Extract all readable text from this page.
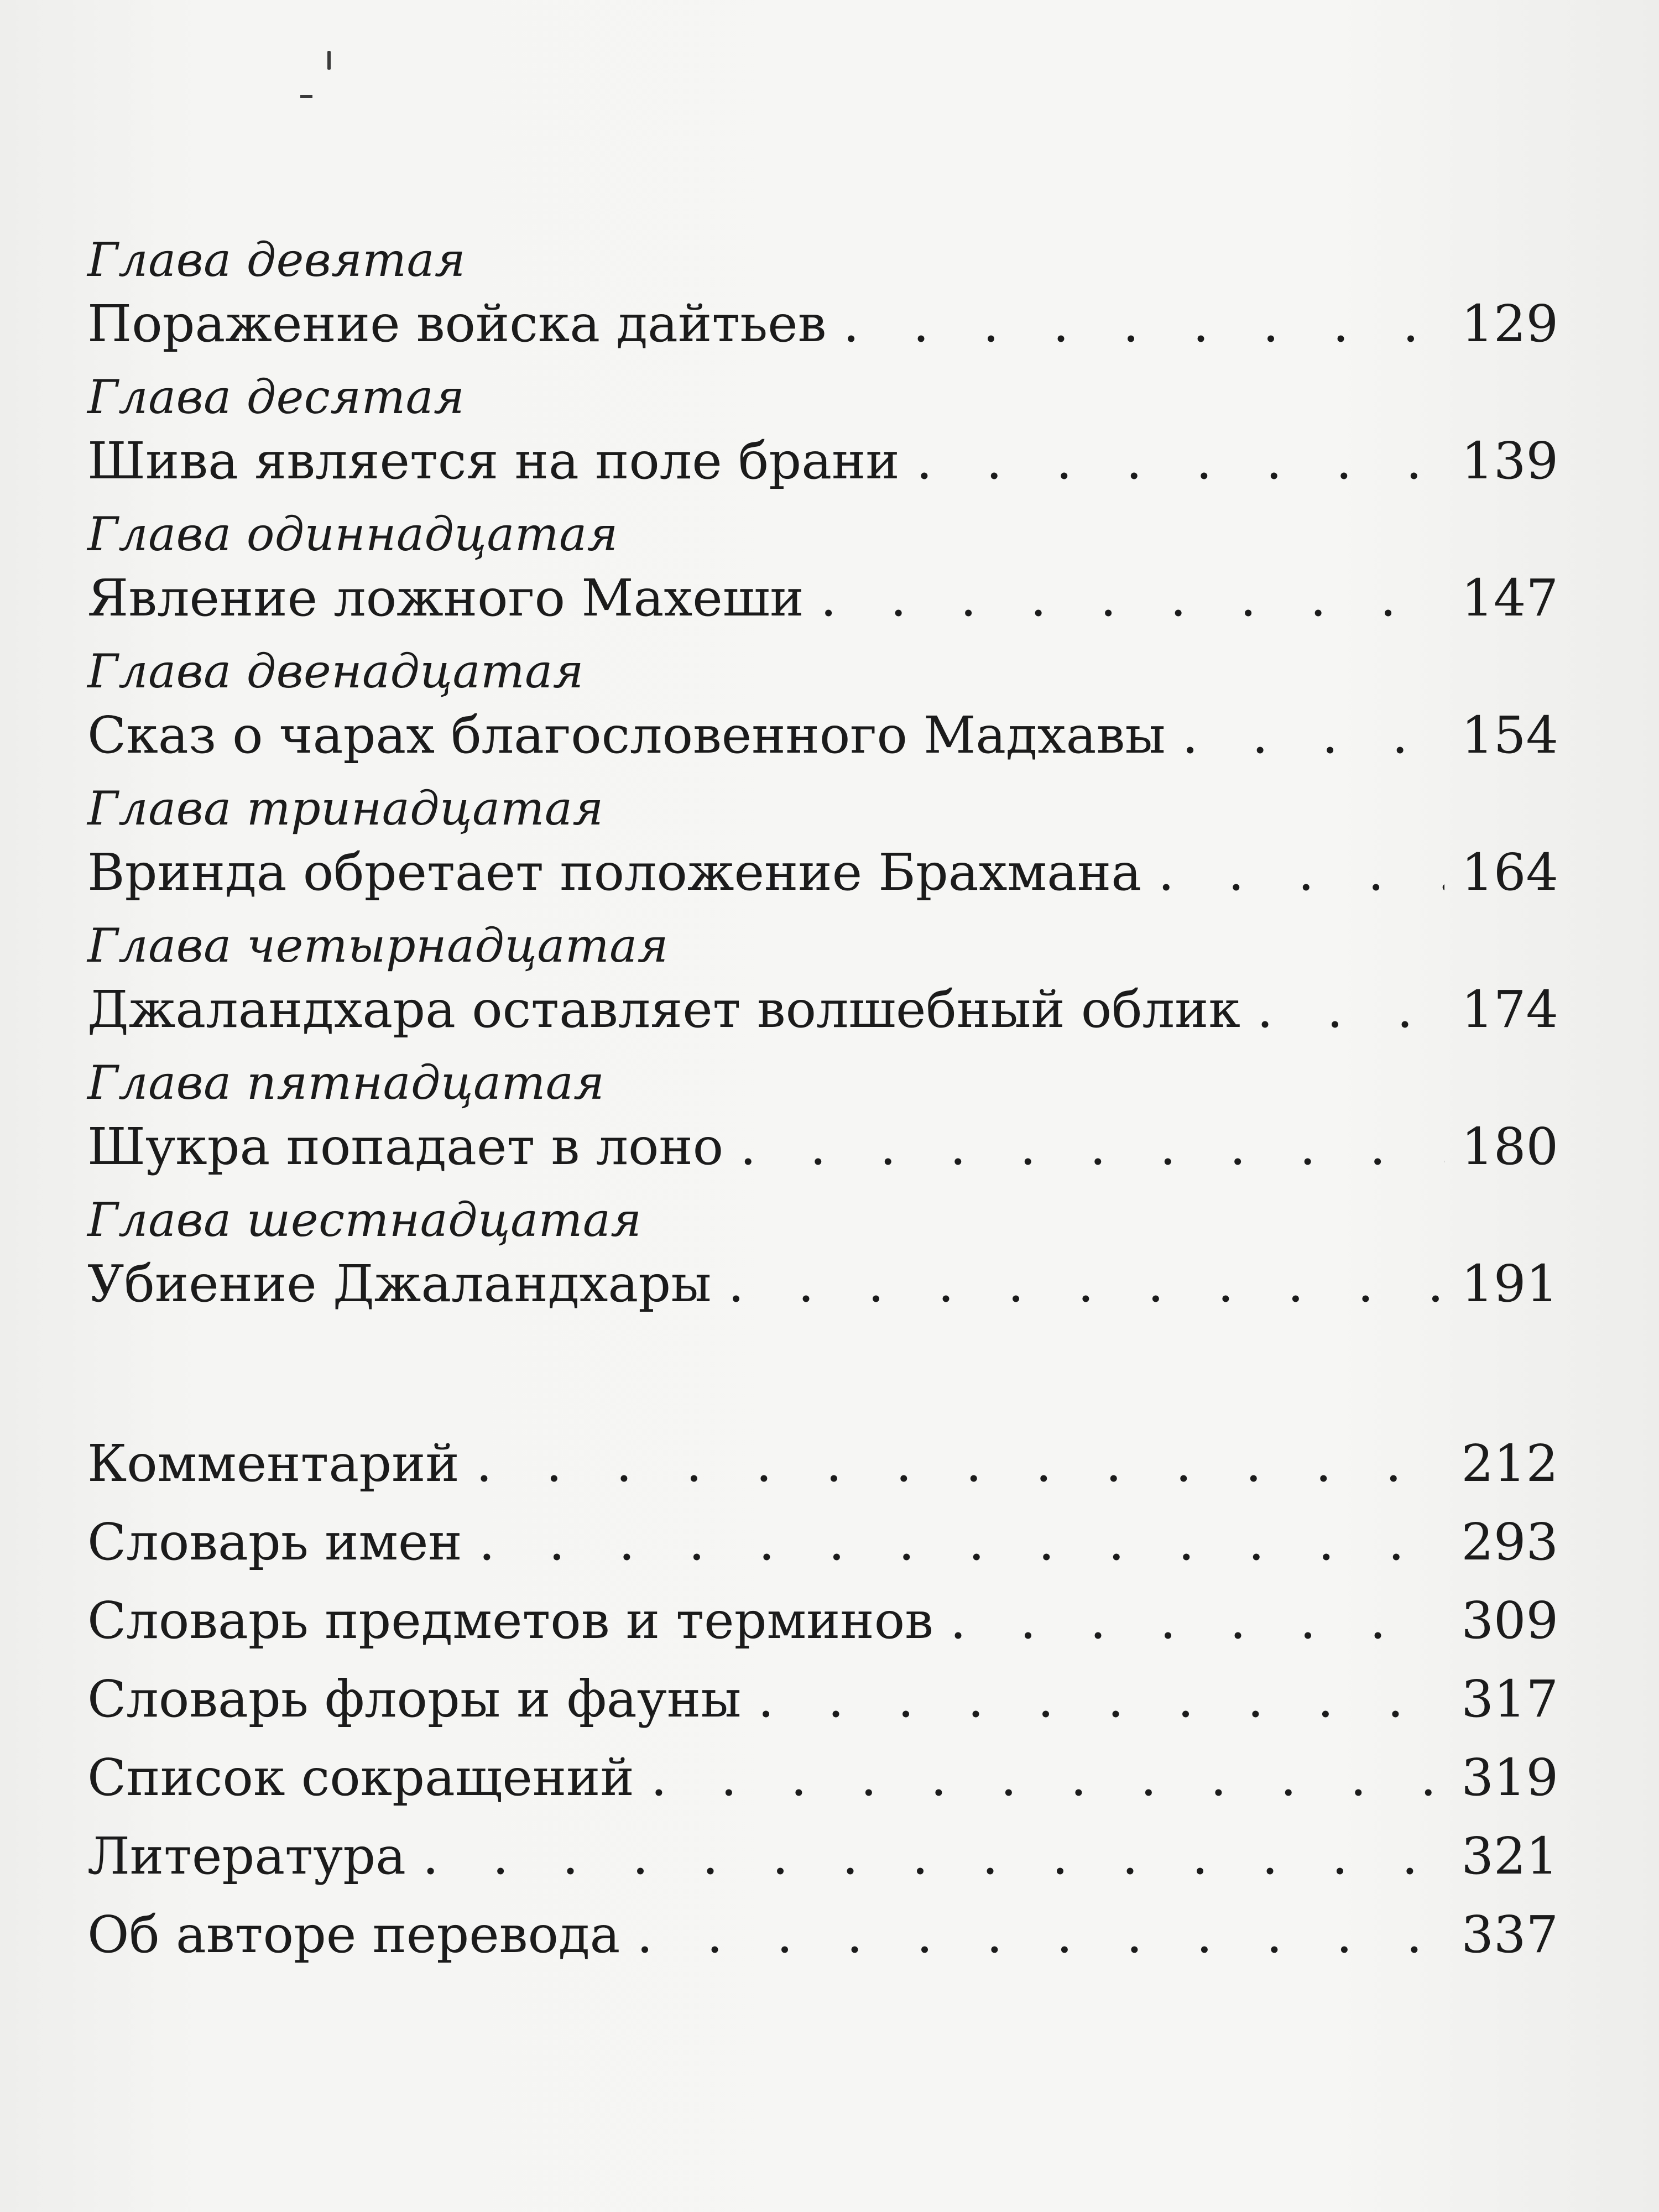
Глава девятая
Поражение войска дайтьев . . .	129
Глава десятая
Шива является на поле брани . . .	139
Глава одиннадцатая
Явление ложного Махеши . . .	147
Глава двенадцатая
Сказ о чарах благословенного Мадхавы . . .	154
Глава тринадцатая
Вринда обретает положение Брахмана . . .	164
Глава четырнадцатая
Джаландхара оставляет волшебный облик . . .	174
Глава пятнадцатая
Шукра попадает в лоно . . .	180
Глава шестнадцатая
Убиение Джаландхары . . .	191
Комментарий . . .	212
Словарь имен . . .	293
Словарь предметов и терминов . . .	309
Словарь флоры и фауны . . .	317
Список сокращений . . .	319
Литература . . .	321
Об авторе перевода . . .	337
